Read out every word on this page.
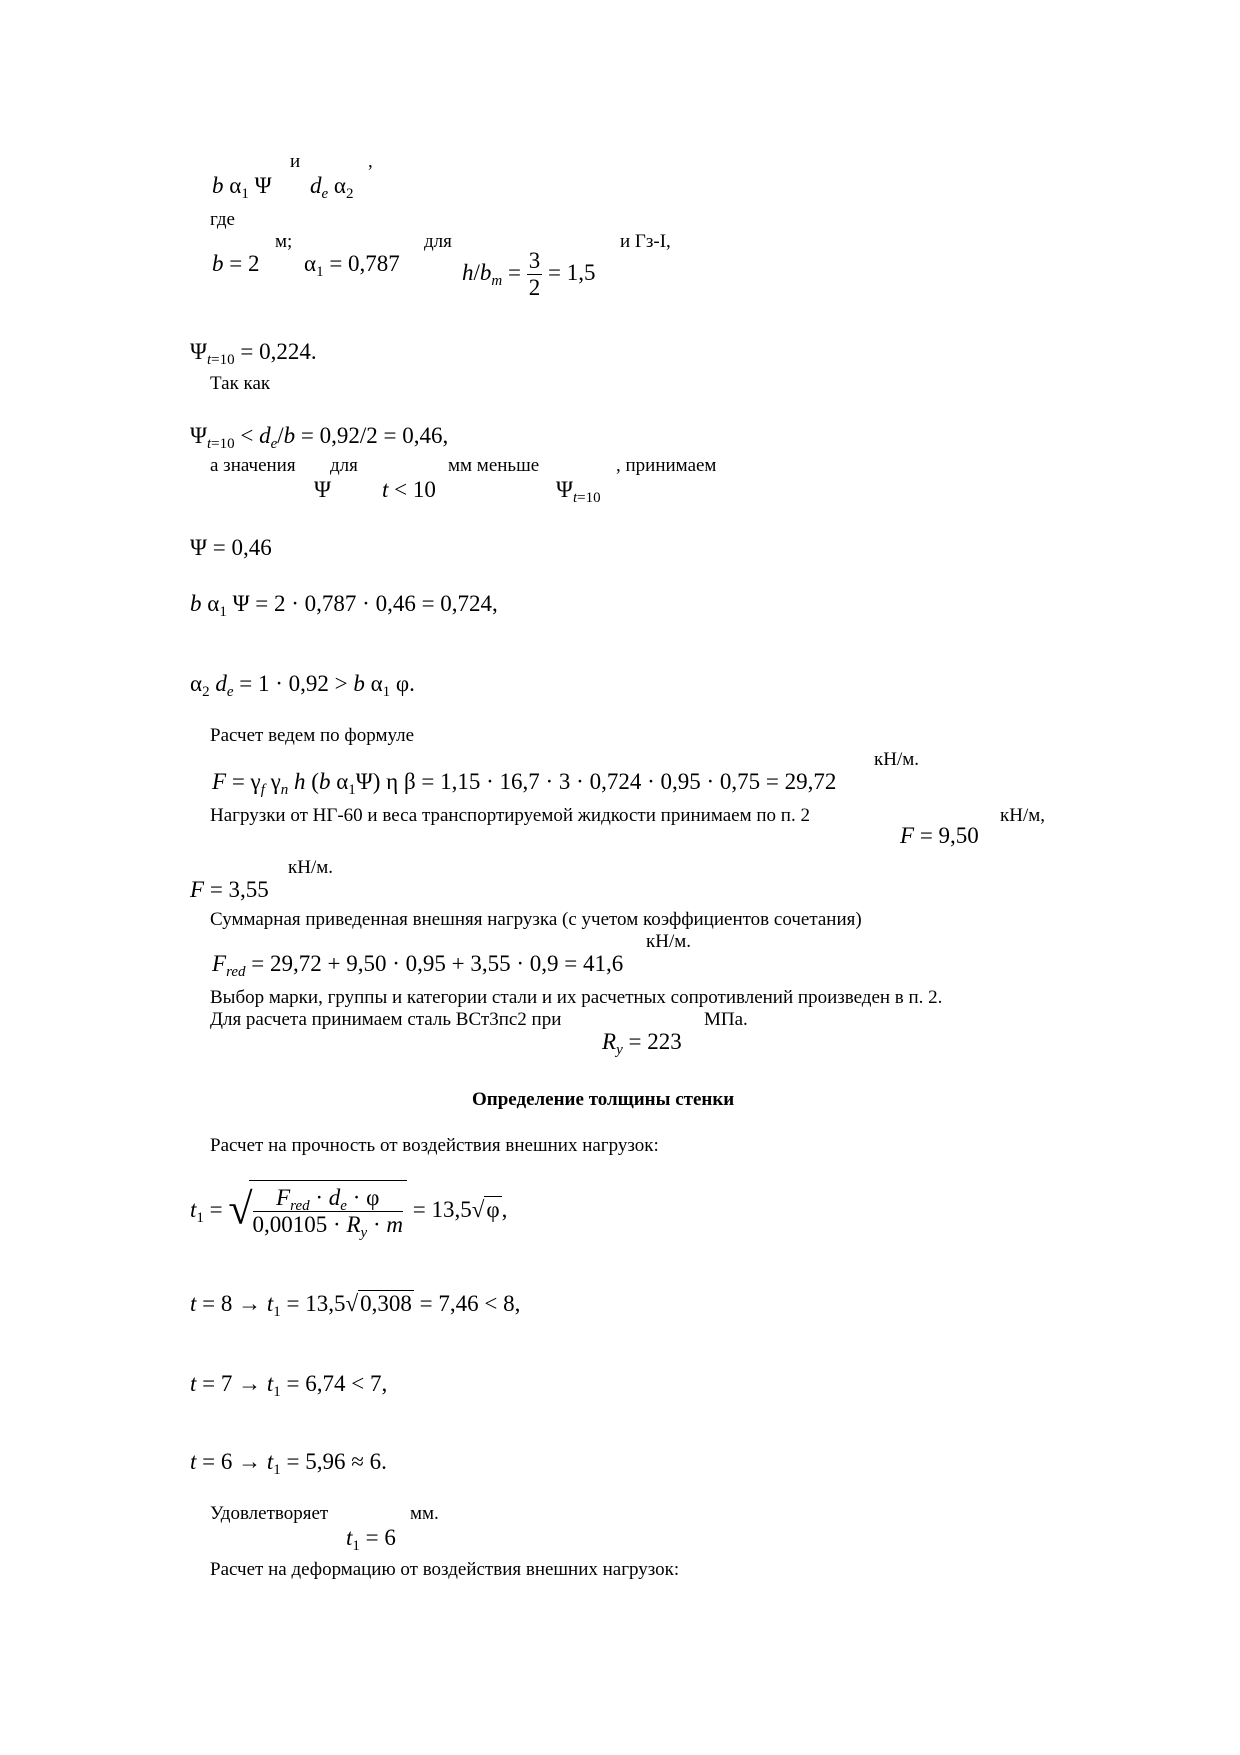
и	,
b $\alpha_1$ Ψ $d_e$ $\alpha_2$
где
м;	для	и Гз-I,
b = 2 $\alpha_1 = 0,787$	$h/b_m = \frac{3}{2} = 1,5$
$\Psi_{t=10} = 0,224$.
Так как
$\Psi_{t=10} < d_e/b = 0,92/2 = 0,46$,
а значения для	мм меньше	, принимаем
Ψ t < 10	$\Psi_{t=10}$
Ψ = 0,46
b $\alpha_1$ Ψ = 2 · 0,787 · 0,46 = 0,724,
$\alpha_2$ $d_e = 1 \cdot 0,92 > b$ $\alpha_1$ φ.
Расчет ведем по формуле
кН/м.
$F = \gamma_f$ $\gamma_n$ h (b $\alpha_1\Psi$) η β = 1,15 · 16,7 · 3 · 0,724 · 0,95 · 0,75 = 29,72
Нагрузки от НГ-60 и веса транспортируемой жидкости принимаем по п. 2	кН/м,
F = 9,50
кН/м.
F = 3,55
Суммарная приведенная внешняя нагрузка (с учетом коэффициентов сочетания)
кН/м.
$F_{red} = 29,72 + 9,50 \cdot 0,95 + 3,55 \cdot 0,9 = 41,6$
Выбор марки, группы и категории стали и их расчетных сопротивлений произведен в п. 2.
Для расчета принимаем сталь ВСт3пс2 при	МПа.
$R_y = 223$
Определение толщины стенки
Расчет на прочность от воздействия внешних нагрузок:
$t_1$ = √
$\frac{F_{red} \cdot d_e \cdot \varphi}{0,00105 \cdot R_y \cdot m} = 13,5√\varphi$,
$t = 8 \to t_1 = 13,5√0,308 = 7,46 < 8$,
$t = 7 \to t_1 = 6,74 < 7$,
$t = 6 \to t_1 = 5,96 \approx 6$.
Удовлетворяет	мм.
$t_1 = 6$
Расчет на деформацию от воздействия внешних нагрузок:
